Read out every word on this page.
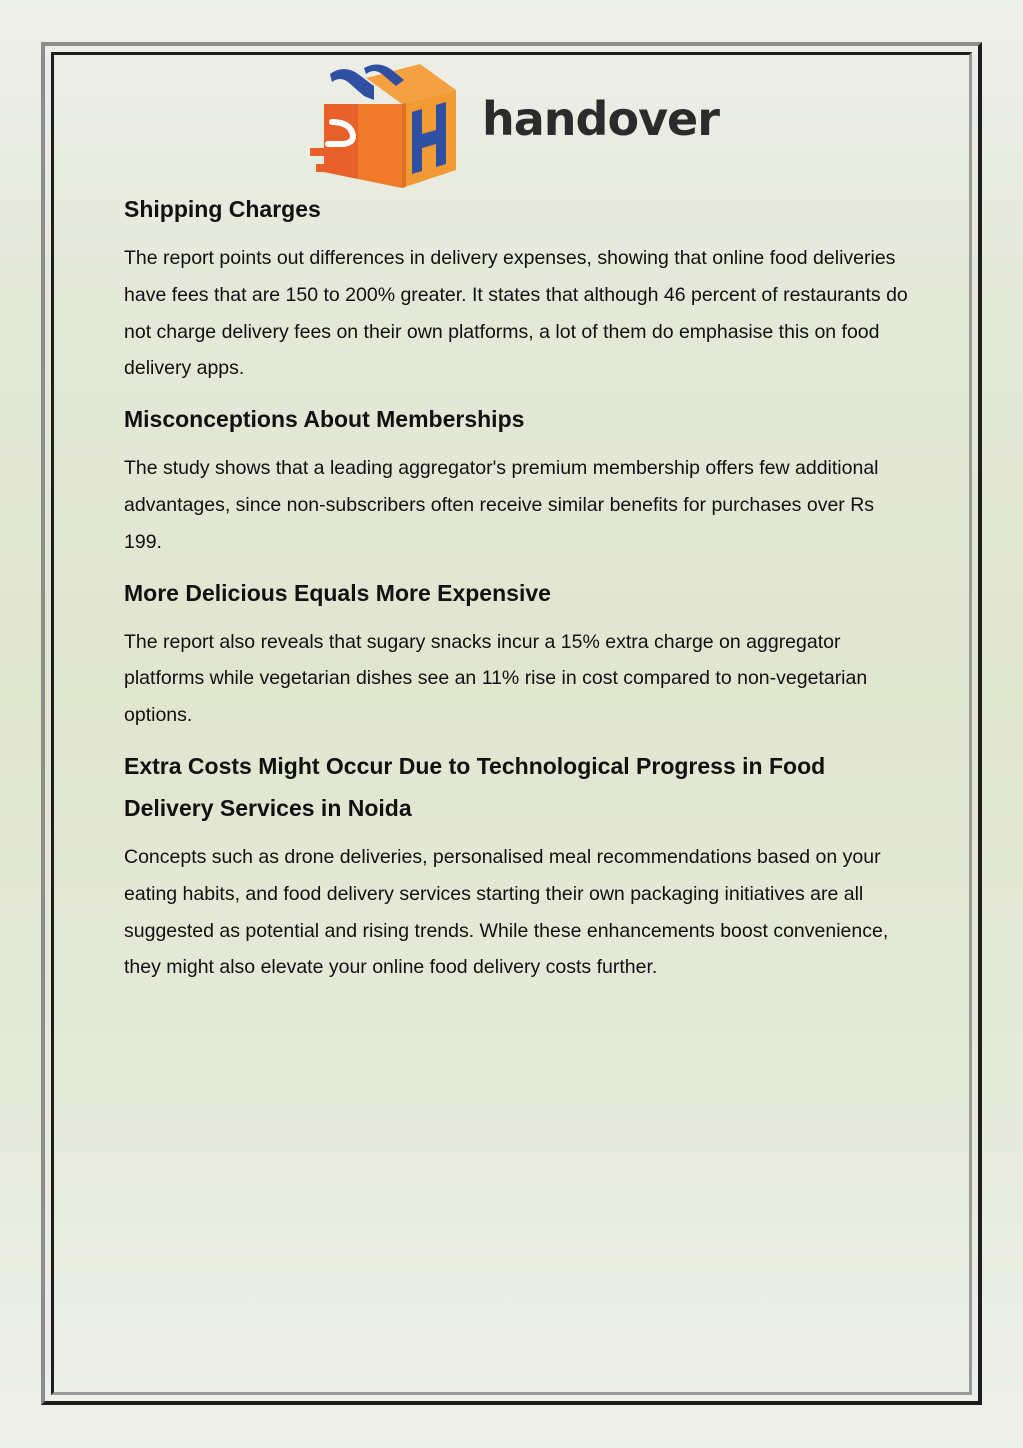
handover
Shipping Charges

The report points out differences in delivery expenses, showing that online food deliveries have fees that are 150 to 200% greater. It states that although 46 percent of restaurants do not charge delivery fees on their own platforms, a lot of them do emphasise this on food delivery apps.

Misconceptions About Memberships

The study shows that a leading aggregator's premium membership offers few additional advantages, since non-subscribers often receive similar benefits for purchases over Rs 199.

More Delicious Equals More Expensive

The report also reveals that sugary snacks incur a 15% extra charge on aggregator platforms while vegetarian dishes see an 11% rise in cost compared to non-vegetarian options.

Extra Costs Might Occur Due to Technological Progress in Food Delivery Services in Noida

Concepts such as drone deliveries, personalised meal recommendations based on your eating habits, and food delivery services starting their own packaging initiatives are all suggested as potential and rising trends. While these enhancements boost convenience, they might also elevate your online food delivery costs further.
